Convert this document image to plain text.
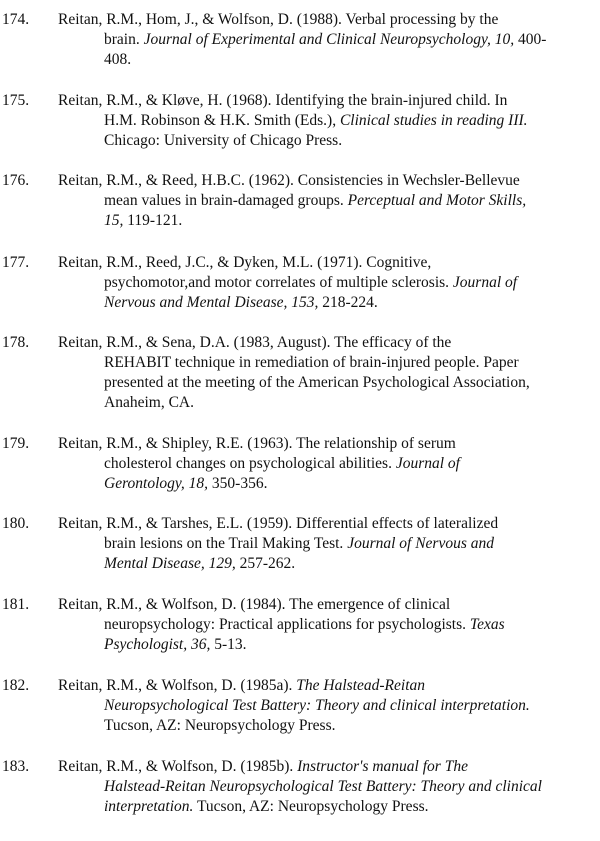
174. Reitan, R.M., Hom, J., & Wolfson, D. (1988). Verbal processing by the
brain. Journal of Experimental and Clinical Neuropsychology, 10, 400-
408.
175. Reitan, R.M., & Kløve, H. (1968). Identifying the brain-injured child. In
H.M. Robinson & H.K. Smith (Eds.), Clinical studies in reading III.
Chicago: University of Chicago Press.
176. Reitan, R.M., & Reed, H.B.C. (1962). Consistencies in Wechsler-Bellevue
mean values in brain-damaged groups. Perceptual and Motor Skills,
15, 119-121.
177. Reitan, R.M., Reed, J.C., & Dyken, M.L. (1971). Cognitive,
psychomotor,and motor correlates of multiple sclerosis. Journal of
Nervous and Mental Disease, 153, 218-224.
178. Reitan, R.M., & Sena, D.A. (1983, August). The efficacy of the
REHABIT technique in remediation of brain-injured people. Paper
presented at the meeting of the American Psychological Association,
Anaheim, CA.
179. Reitan, R.M., & Shipley, R.E. (1963). The relationship of serum
cholesterol changes on psychological abilities. Journal of
Gerontology, 18, 350-356.
180. Reitan, R.M., & Tarshes, E.L. (1959). Differential effects of lateralized
brain lesions on the Trail Making Test. Journal of Nervous and
Mental Disease, 129, 257-262.
181. Reitan, R.M., & Wolfson, D. (1984). The emergence of clinical
neuropsychology: Practical applications for psychologists. Texas
Psychologist, 36, 5-13.
182. Reitan, R.M., & Wolfson, D. (1985a). The Halstead-Reitan
Neuropsychological Test Battery: Theory and clinical interpretation.
Tucson, AZ: Neuropsychology Press.
183. Reitan, R.M., & Wolfson, D. (1985b). Instructor's manual for The
Halstead-Reitan Neuropsychological Test Battery: Theory and clinical
interpretation. Tucson, AZ: Neuropsychology Press.
